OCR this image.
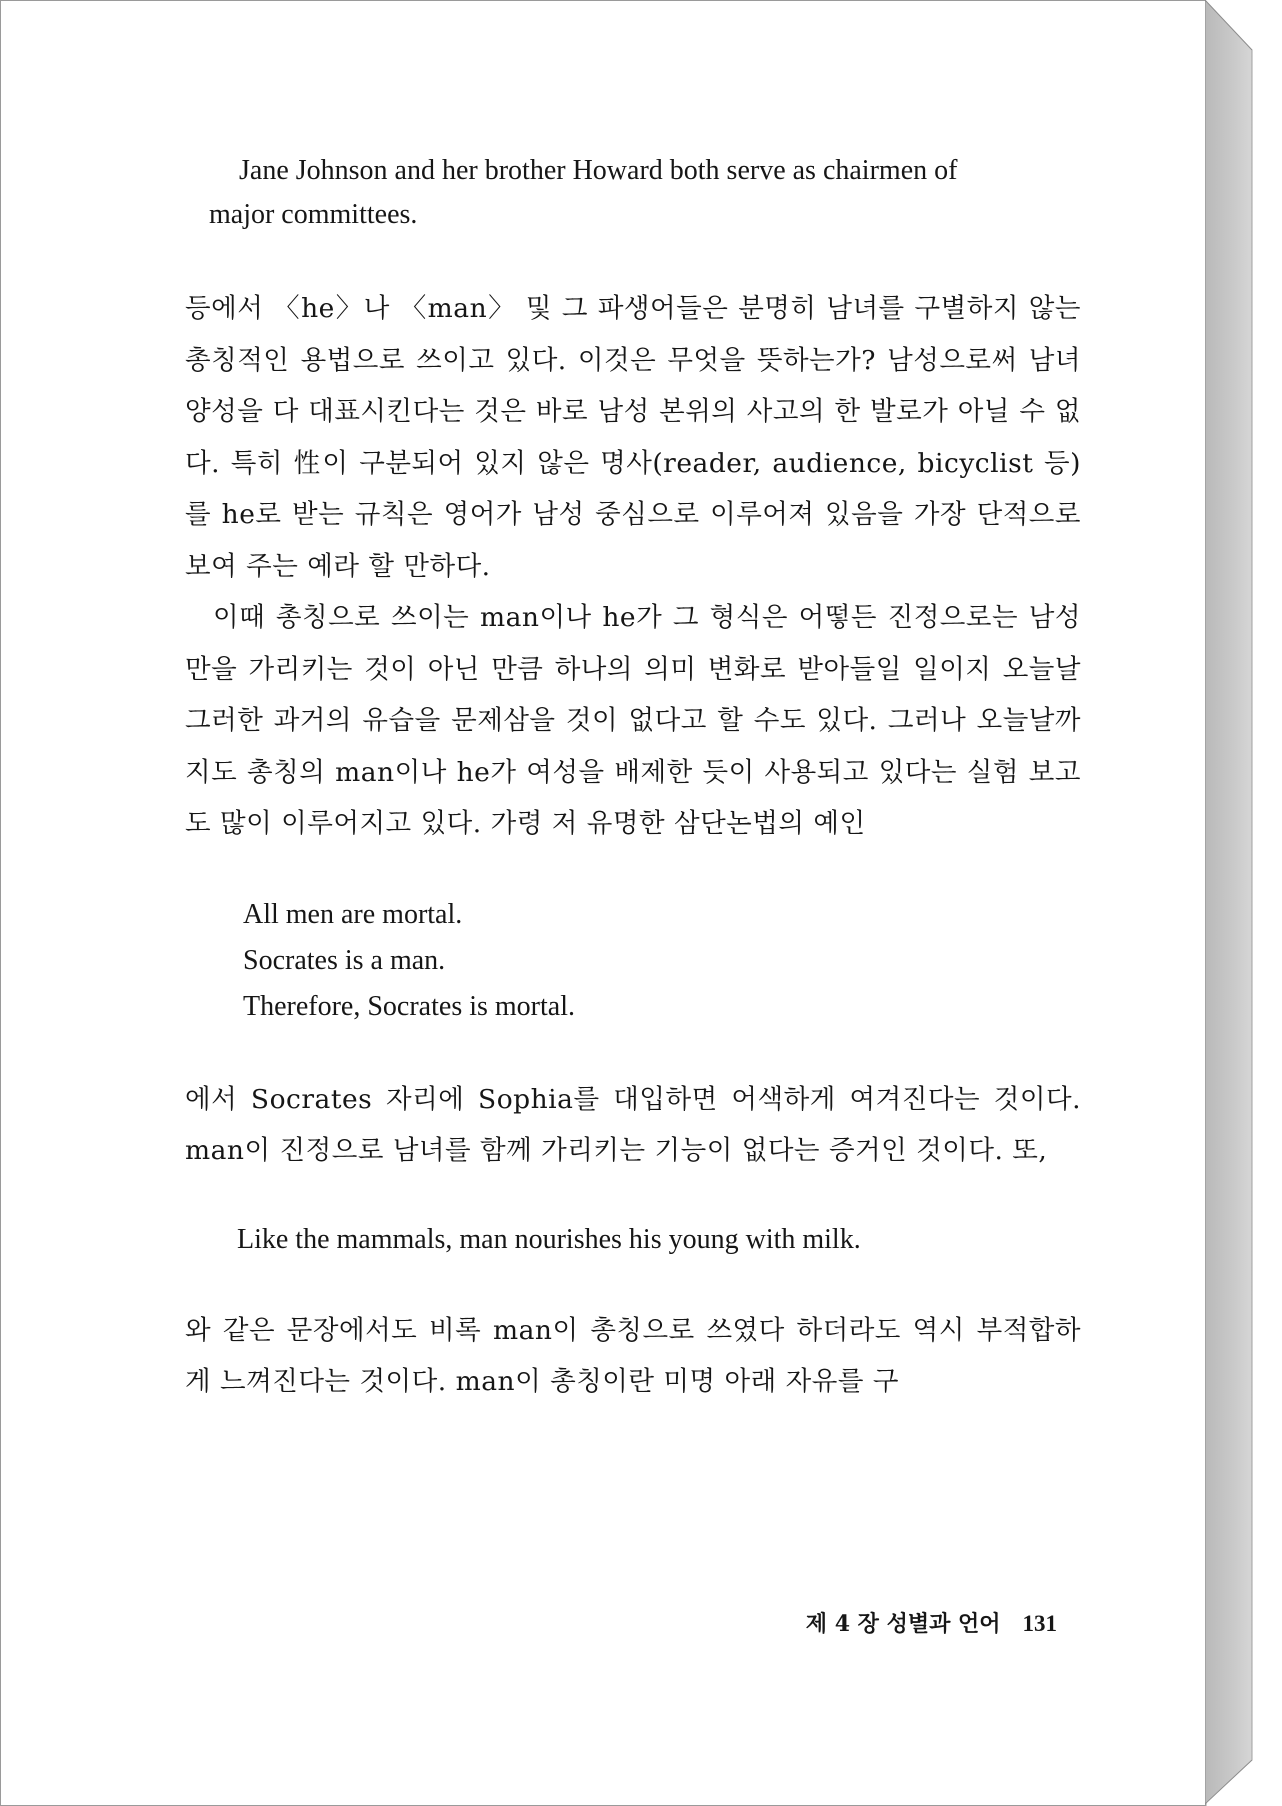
Jane Johnson and her brother Howard both serve as chairmen of
major committees.

등에서 〈he〉나 〈man〉 및 그 파생어들은 분명히 남녀를 구별하지 않는 총칭적인 용법으로 쓰이고 있다. 이것은 무엇을 뜻하는가? 남성으로써 남녀 양성을 다 대표시킨다는 것은 바로 남성 본위의 사고의 한 발로가 아닐 수 없다. 특히 性이 구분되어 있지 않은 명사(reader, audience, bicyclist 등)를 he로 받는 규칙은 영어가 남성 중심으로 이루어져 있음을 가장 단적으로 보여 주는 예라 할 만하다.

이때 총칭으로 쓰이는 man이나 he가 그 형식은 어떻든 진정으로는 남성만을 가리키는 것이 아닌 만큼 하나의 의미 변화로 받아들일 일이지 오늘날 그러한 과거의 유습을 문제삼을 것이 없다고 할 수도 있다. 그러나 오늘날까지도 총칭의 man이나 he가 여성을 배제한 듯이 사용되고 있다는 실험 보고도 많이 이루어지고 있다. 가령 저 유명한 삼단논법의 예인

All men are mortal.

Socrates is a man.

Therefore, Socrates is mortal.

에서 Socrates 자리에 Sophia를 대입하면 어색하게 여겨진다는 것이다. man이 진정으로 남녀를 함께 가리키는 기능이 없다는 증거인 것이다. 또,

Like the mammals, man nourishes his young with milk.

와 같은 문장에서도 비록 man이 총칭으로 쓰였다 하더라도 역시 부적합하게 느껴진다는 것이다. man이 총칭이란 미명 아래 자유를 구

제 4 장 성별과 언어 131
